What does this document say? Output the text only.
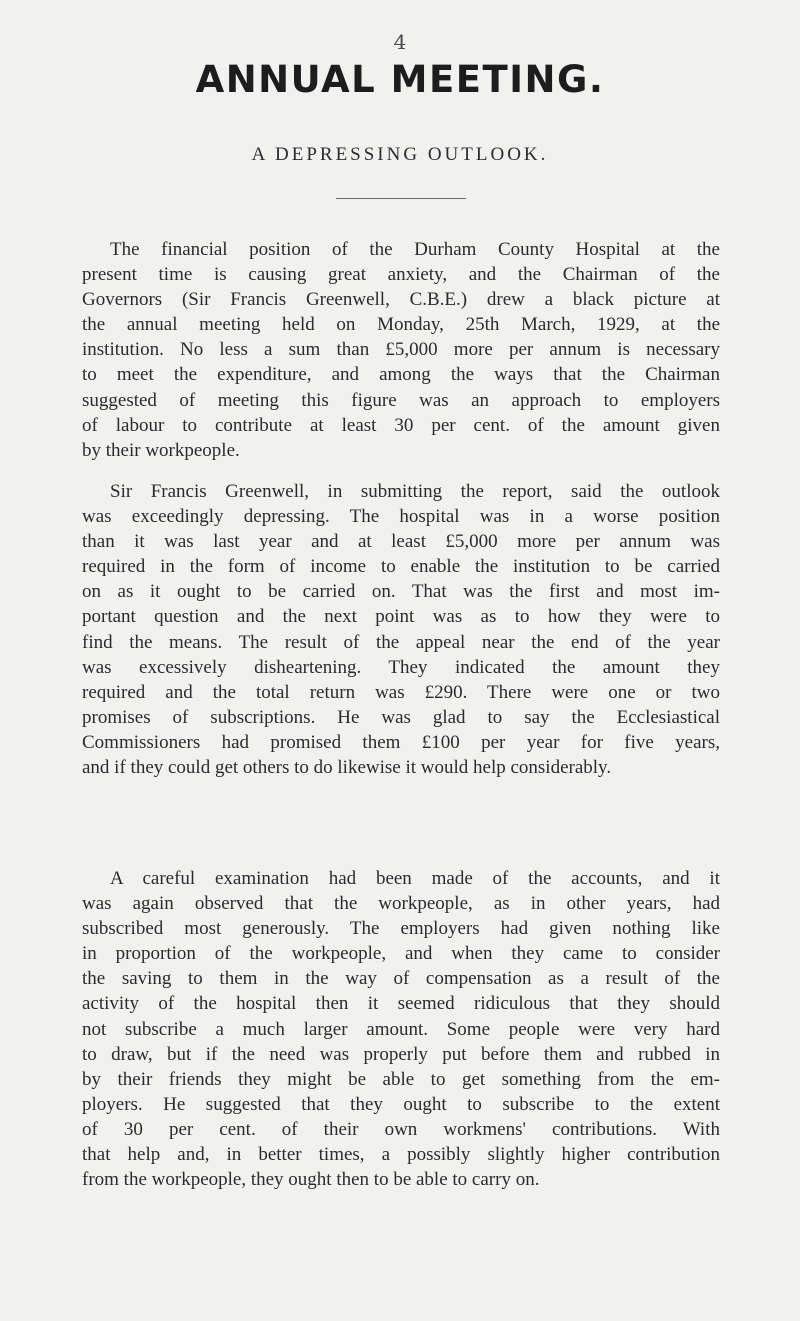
4
ANNUAL MEETING.
A DEPRESSING OUTLOOK.
The financial position of the Durham County Hospital at the
present time is causing great anxiety, and the Chairman of the
Governors (Sir Francis Greenwell, C.B.E.) drew a black picture at
the annual meeting held on Monday, 25th March, 1929, at the
institution. No less a sum than £5,000 more per annum is necessary
to meet the expenditure, and among the ways that the Chairman
suggested of meeting this figure was an approach to employers
of labour to contribute at least 30 per cent. of the amount given
by their workpeople.
Sir Francis Greenwell, in submitting the report, said the outlook
was exceedingly depressing. The hospital was in a worse position
than it was last year and at least £5,000 more per annum was
required in the form of income to enable the institution to be carried
on as it ought to be carried on. That was the first and most im-
portant question and the next point was as to how they were to
find the means. The result of the appeal near the end of the year
was excessively disheartening. They indicated the amount they
required and the total return was £290. There were one or two
promises of subscriptions. He was glad to say the Ecclesiastical
Commissioners had promised them £100 per year for five years,
and if they could get others to do likewise it would help considerably.
A careful examination had been made of the accounts, and it
was again observed that the workpeople, as in other years, had
subscribed most generously. The employers had given nothing like
in proportion of the workpeople, and when they came to consider
the saving to them in the way of compensation as a result of the
activity of the hospital then it seemed ridiculous that they should
not subscribe a much larger amount. Some people were very hard
to draw, but if the need was properly put before them and rubbed in
by their friends they might be able to get something from the em-
ployers. He suggested that they ought to subscribe to the extent
of 30 per cent. of their own workmens' contributions. With
that help and, in better times, a possibly slightly higher contribution
from the workpeople, they ought then to be able to carry on.
